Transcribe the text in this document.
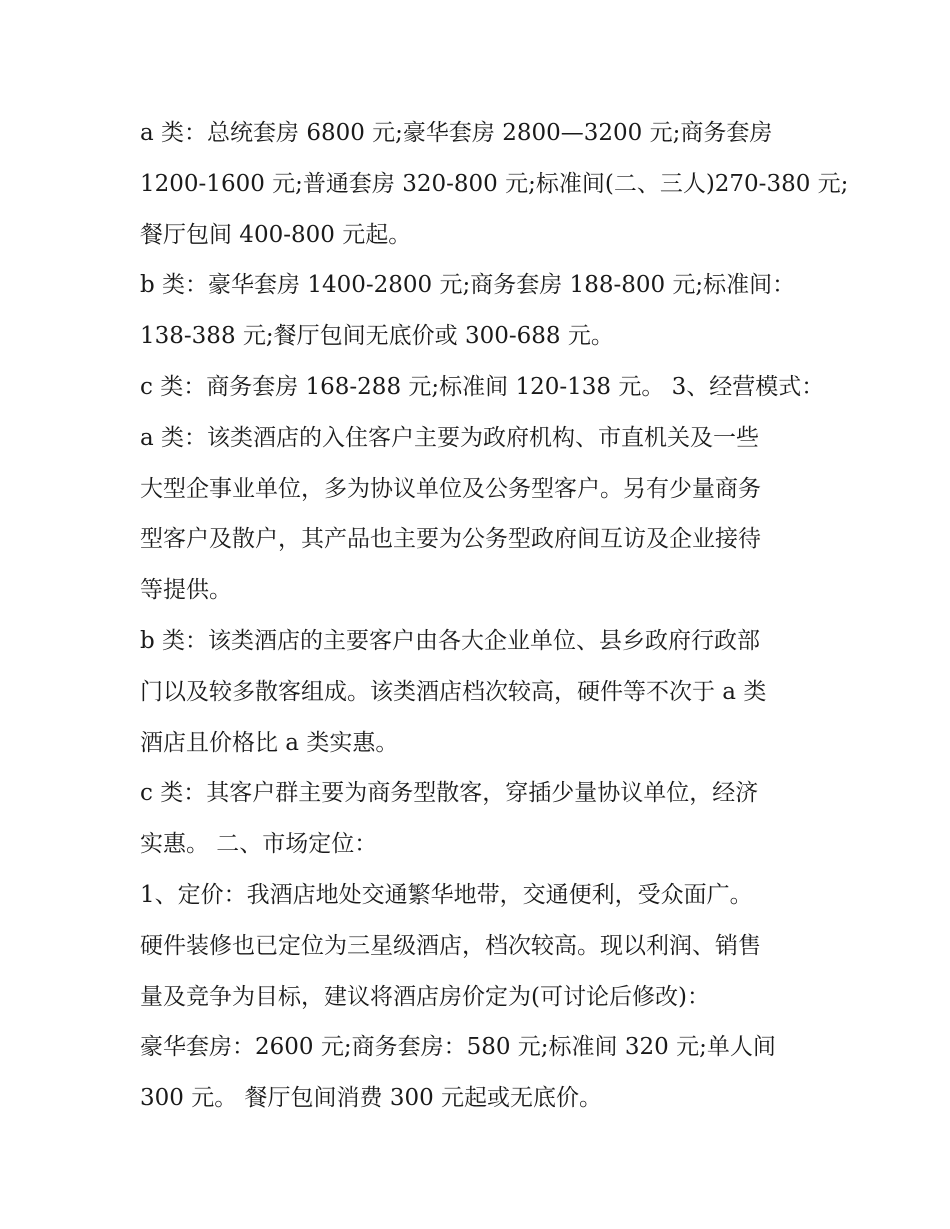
a 类：总统套房 6800 元;豪华套房 2800—3200 元;商务套房
1200-1600 元;普通套房 320-800 元;标准间(二、三人)270-380 元;
餐厅包间 400-800 元起。
b 类：豪华套房 1400-2800 元;商务套房 188-800 元;标准间：
138-388 元;餐厅包间无底价或 300-688 元。
c 类：商务套房 168-288 元;标准间 120-138 元。 3、经营模式：
a 类：该类酒店的入住客户主要为政府机构、市直机关及一些
大型企事业单位，多为协议单位及公务型客户。另有少量商务
型客户及散户，其产品也主要为公务型政府间互访及企业接待
等提供。
b 类：该类酒店的主要客户由各大企业单位、县乡政府行政部
门以及较多散客组成。该类酒店档次较高，硬件等不次于 a 类
酒店且价格比 a 类实惠。
c 类：其客户群主要为商务型散客，穿插少量协议单位，经济
实惠。 二、市场定位：
1、定价：我酒店地处交通繁华地带，交通便利，受众面广。
硬件装修也已定位为三星级酒店，档次较高。现以利润、销售
量及竞争为目标，建议将酒店房价定为(可讨论后修改)：
豪华套房：2600 元;商务套房：580 元;标准间 320 元;单人间
300 元。 餐厅包间消费 300 元起或无底价。
